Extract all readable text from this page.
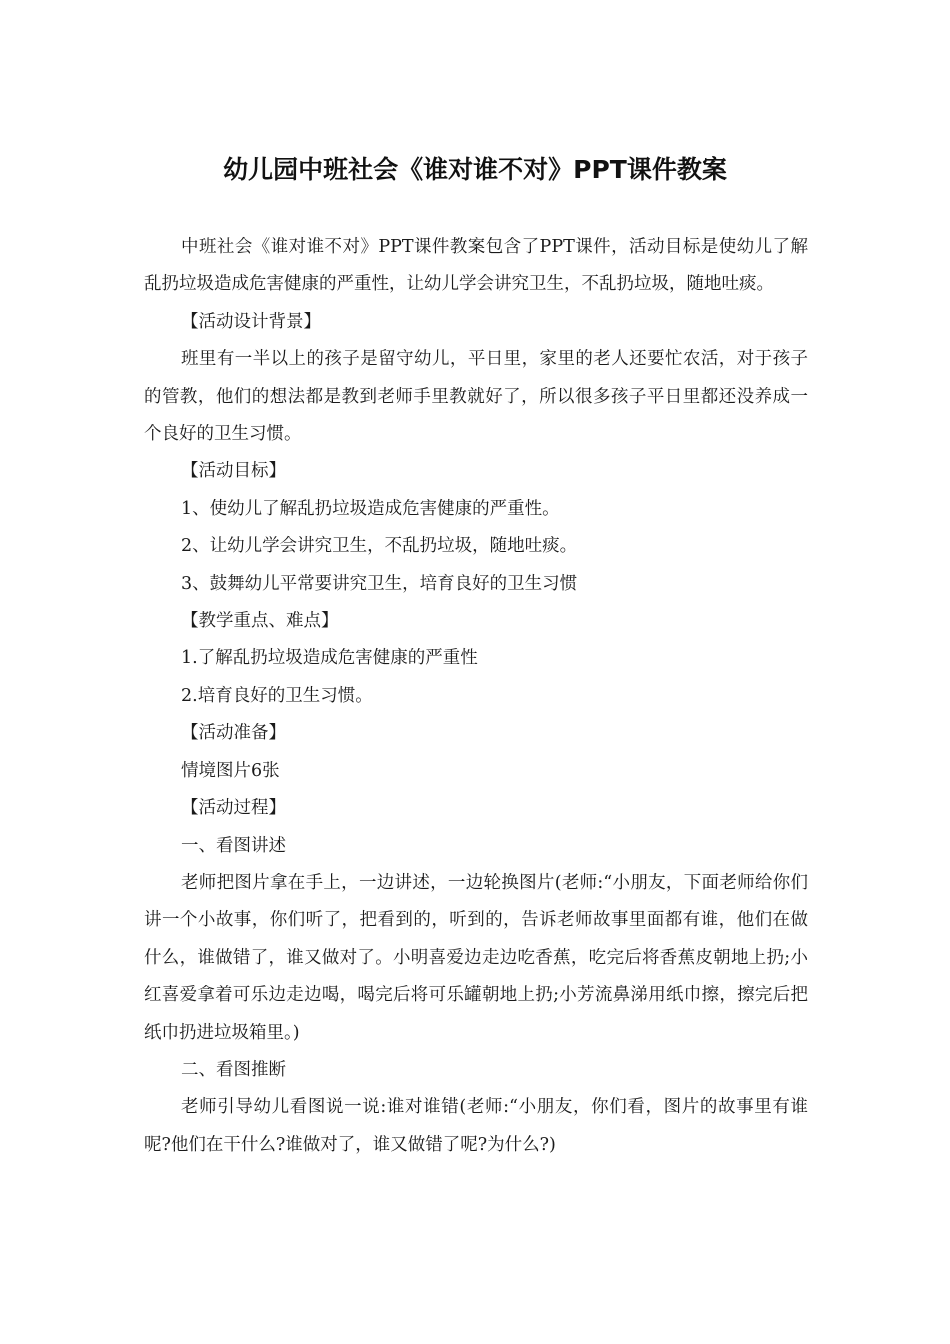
幼儿园中班社会《谁对谁不对》PPT课件教案

中班社会《谁对谁不对》PPT课件教案包含了PPT课件，活动目标是使幼儿了解乱扔垃圾造成危害健康的严重性，让幼儿学会讲究卫生，不乱扔垃圾，随地吐痰。

【活动设计背景】

班里有一半以上的孩子是留守幼儿，平日里，家里的老人还要忙农活，对于孩子的管教，他们的想法都是教到老师手里教就好了，所以很多孩子平日里都还没养成一个良好的卫生习惯。

【活动目标】

1、使幼儿了解乱扔垃圾造成危害健康的严重性。

2、让幼儿学会讲究卫生，不乱扔垃圾，随地吐痰。

3、鼓舞幼儿平常要讲究卫生，培育良好的卫生习惯

【教学重点、难点】

1.了解乱扔垃圾造成危害健康的严重性

2.培育良好的卫生习惯。

【活动准备】

情境图片6张

【活动过程】

一、看图讲述

老师把图片拿在手上，一边讲述，一边轮换图片(老师:“小朋友，下面老师给你们讲一个小故事，你们听了，把看到的，听到的，告诉老师故事里面都有谁，他们在做什么，谁做错了，谁又做对了。小明喜爱边走边吃香蕉，吃完后将香蕉皮朝地上扔;小红喜爱拿着可乐边走边喝，喝完后将可乐罐朝地上扔;小芳流鼻涕用纸巾擦，擦完后把纸巾扔进垃圾箱里。)

二、看图推断

老师引导幼儿看图说一说:谁对谁错(老师:“小朋友，你们看，图片的故事里有谁呢?他们在干什么?谁做对了，谁又做错了呢?为什么?)
